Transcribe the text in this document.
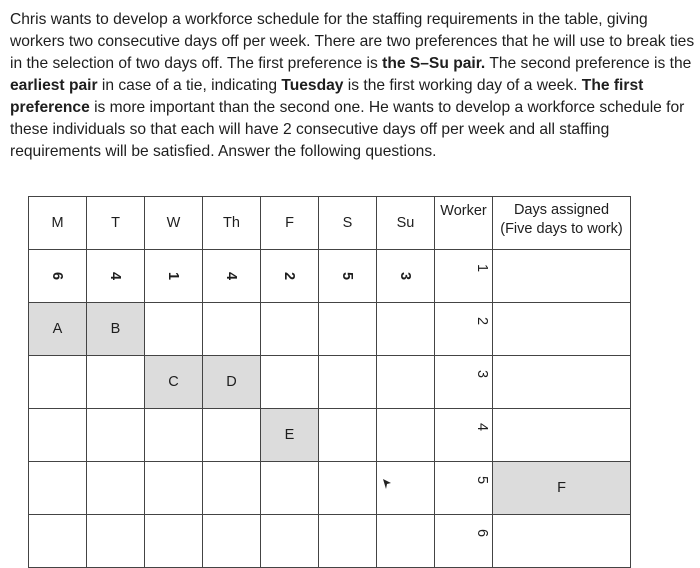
Chris wants to develop a workforce schedule for the staffing requirements in the table, giving workers two consecutive days off per week. There are two preferences that he will use to break ties in the selection of two days off. The first preference is the S–Su pair. The second preference is the earliest pair in case of a tie, indicating Tuesday is the first working day of a week. The first preference is more important than the second one. He wants to develop a workforce schedule for these individuals so that each will have 2 consecutive days off per week and all staffing requirements will be satisfied. Answer the following questions.

M	T	W	Th	F	S	Su	Worker	Days assigned
(Five days to work)
6	4	1	4	2	5	3	1	
A	B						2	
		C	D				3	
				E			4	
							5	F
							6	
